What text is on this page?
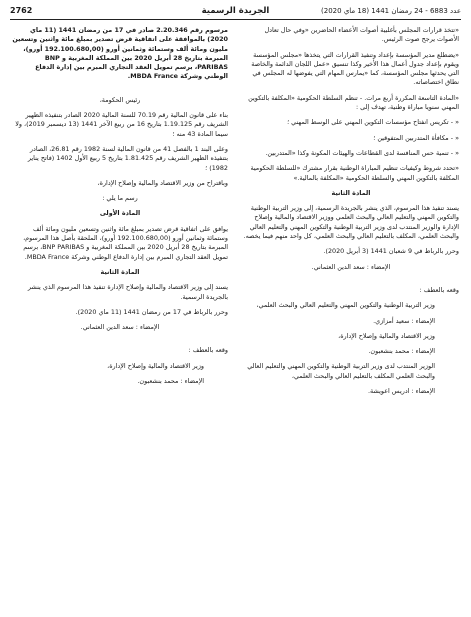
2762	الجريدة الرسمية	عدد 6883 - 24 رمضان 1441 (18 ماي 2020)

«تتخذ قرارات المجلس بأغلبية أصوات الأعضاء الحاضرين «وفي حال تعادل الأصوات يرجح صوت الرئيس.

«يضطلع مدير المؤسسة بإعداد وتنفيذ القرارات التي يتخذها «مجلس المؤسسة ويقوم بإعداد جدول أعمال هذا الأخير وكذا تنسيق «عمل اللجان الدائمة والخاصة التي يحدثها مجلس المؤسسة، كما «يمارس المهام التي يفوضها له المجلس في نطاق اختصاصاته.

«المادة التاسعة المكررة أربع مرات. - تنظم السلطة الحكومية «المكلفة بالتكوين المهني سنويا مباراة وطنية، تهدف إلى :

« - تكريس انفتاح مؤسسات التكوين المهني على الوسط المهني ؛

« - مكافأة المتدربين المتفوقين ؛

« - تنمية حس المنافسة لدى القطاعات والهيئات المكونة وكذا «المتدربين.

«تحدد شروط وكيفيات تنظيم المباراة الوطنية بقرار مشترك «للسلطة الحكومية المكلفة بالتكوين المهني والسلطة الحكومية «المكلفة بالمالية.»

المادة الثانية

يسند تنفيذ هذا المرسوم، الذي ينشر بالجريدة الرسمية، إلى وزير التربية الوطنية والتكوين المهني والتعليم العالي والبحث العلمي ووزير الاقتصاد والمالية وإصلاح الإدارة والوزير المنتدب لدى وزير التربية الوطنية والتكوين المهني والتعليم العالي والبحث العلمي، المكلف بالتعليم العالي والبحث العلمي، كل واحد منهم فيما يخصه.

وحرر بالرباط في 9 شعبان 1441 (3 أبريل 2020).

الإمضاء : سعد الدين العثماني.

وقعه بالعطف :

وزير التربية الوطنية والتكوين المهني والتعليم العالي والبحث العلمي،

الإمضاء : سعيد أمزازي.

وزير الاقتصاد والمالية وإصلاح الإدارة،

الإمضاء : محمد بنشعبون.

الوزير المنتدب لدى وزير التربية الوطنية والتكوين المهني والتعليم العالي والبحث العلمي المكلف بالتعليم العالي والبحث العلمي،

الإمضاء : ادريس اعويشة.

مرسوم رقم 2.20.346 صادر في 17 من رمضان 1441 (11 ماي 2020) بالموافقة على اتفاقية قرض تصدير بمبلغ مائة واثنين وتسعين مليون ومائة ألف وستمائة وثمانين أورو (192.100.680,00 أورو)، المبرمة بتاريخ 28 أبريل 2020 بين المملكة المغربية و BNP PARIBAS، برسم تمويل العقد التجاري المبرم بين إدارة الدفاع الوطني وشركة MBDA France.

رئيس الحكومة،

بناء على قانون المالية رقم 70.19 للسنة المالية 2020 الصادر بتنفيذه الظهير الشريف رقم 1.19.125 بتاريخ 16 من ربيع الآخر 1441 (13 ديسمبر 2019)، ولا سيما المادة 43 منه ؛

وعلى البند 1 بالفصل 41 من قانون المالية لسنة 1982 رقم 26.81، الصادر بتنفيذه الظهير الشريف رقم 1.81.425 بتاريخ 5 ربيع الأول 1402 (فاتح يناير 1982) ؛

وباقتراح من وزير الاقتصاد والمالية وإصلاح الإدارة،

رسم ما يلي :

المادة الأولى

يوافق على اتفاقية قرض تصدير بمبلغ مائة واثنين وتسعين مليون ومائة ألف وستمائة وثمانين أورو (192.100.680,00 أورو)، الملحقة بأصل هذا المرسوم، المبرمة بتاريخ 28 أبريل 2020 بين المملكة المغربية و BNP PARIBAS، برسم تمويل العقد التجاري المبرم بين إدارة الدفاع الوطني وشركة MBDA France.

المادة الثانية

يسند إلى وزير الاقتصاد والمالية وإصلاح الإدارة تنفيذ هذا المرسوم الذي ينشر بالجريدة الرسمية.

وحرر بالرباط في 17 من رمضان 1441 (11 ماي 2020).

الإمضاء : سعد الدين العثماني.

وقعه بالعطف :

وزير الاقتصاد والمالية وإصلاح الإدارة،

الإمضاء : محمد بنشعبون.
